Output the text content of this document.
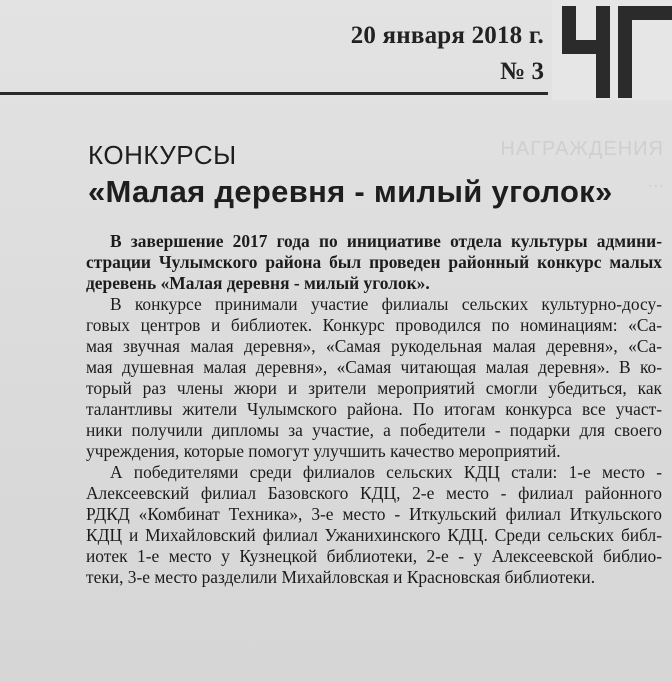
20 января 2018 г.
№ 3
НАГРАЖДЕНИЯ
...
КОНКУРСЫ
«Малая деревня - милый уголок»
В завершение 2017 года по инициативе отдела культуры админи-
страции Чулымского района был проведен районный конкурс малых
деревень «Малая деревня - милый уголок».
В конкурсе принимали участие филиалы сельских культурно-досу-
говых центров и библиотек. Конкурс проводился по номинациям: «Са-
мая звучная малая деревня», «Самая рукодельная малая деревня», «Са-
мая душевная малая деревня», «Самая читающая малая деревня». В ко-
торый раз члены жюри и зрители мероприятий смогли убедиться, как
талантливы жители Чулымского района. По итогам конкурса все участ-
ники получили дипломы за участие, а победители - подарки для своего
учреждения, которые помогут улучшить качество мероприятий.
А победителями среди филиалов сельских КДЦ стали: 1-е место -
Алексеевский филиал Базовского КДЦ, 2-е место - филиал районного
РДКД «Комбинат Техника», 3-е место - Иткульский филиал Иткульского
КДЦ и Михайловский филиал Ужанихинского КДЦ. Среди сельских библ-
иотек 1-е место у Кузнецкой библиотеки, 2-е - у Алексеевской библио-
теки, 3-е место разделили Михайловская и Красновская библиотеки.
